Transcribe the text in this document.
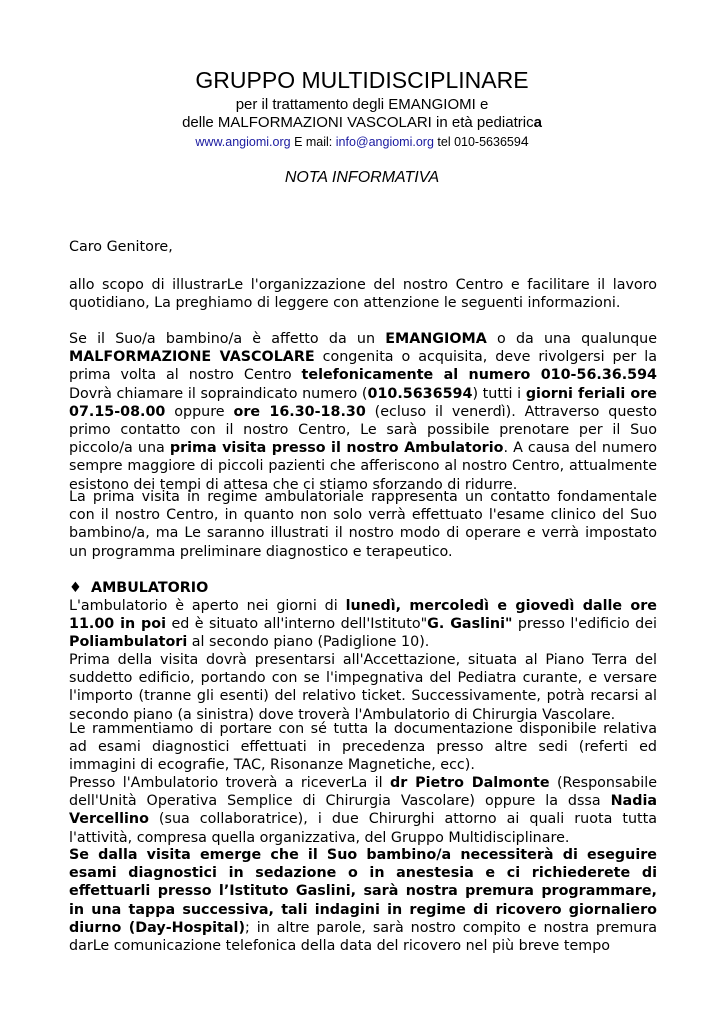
GRUPPO MULTIDISCIPLINARE
per il trattamento degli EMANGIOMI e
delle MALFORMAZIONI VASCOLARI in età pediatrica
www.angiomi.org E mail: info@angiomi.org tel 010-5636594
NOTA INFORMATIVA

Caro Genitore,

allo scopo di illustrarLe l'organizzazione del nostro Centro e facilitare il lavoro quotidiano, La preghiamo di leggere con attenzione le seguenti informazioni.

Se il Suo/a bambino/a è affetto da un EMANGIOMA o da una qualunque MALFORMAZIONE VASCOLARE congenita o acquisita, deve rivolgersi per la prima volta al nostro Centro telefonicamente al numero 010-56.36.594 Dovrà chiamare il sopraindicato numero (010.5636594) tutti i giorni feriali ore 07.15-08.00 oppure ore 16.30-18.30 (ecluso il venerdì). Attraverso questo primo contatto con il nostro Centro, Le sarà possibile prenotare per il Suo piccolo/a una prima visita presso il nostro Ambulatorio. A causa del numero sempre maggiore di piccoli pazienti che afferiscono al nostro Centro, attualmente esistono dei tempi di attesa che ci stiamo sforzando di ridurre.

La prima visita in regime ambulatoriale rappresenta un contatto fondamentale con il nostro Centro, in quanto non solo verrà effettuato l'esame clinico del Suo bambino/a, ma Le saranno illustrati il nostro modo di operare e verrà impostato un programma preliminare diagnostico e terapeutico.

♦ AMBULATORIO

L'ambulatorio è aperto nei giorni di lunedì, mercoledì e giovedì dalle ore 11.00 in poi ed è situato all'interno dell'Istituto"G. Gaslini" presso l'edificio dei Poliambulatori al secondo piano (Padiglione 10).

Prima della visita dovrà presentarsi all'Accettazione, situata al Piano Terra del suddetto edificio, portando con se l'impegnativa del Pediatra curante, e versare l'importo (tranne gli esenti) del relativo ticket. Successivamente, potrà recarsi al secondo piano (a sinistra) dove troverà l'Ambulatorio di Chirurgia Vascolare.

Le rammentiamo di portare con sé tutta la documentazione disponibile relativa ad esami diagnostici effettuati in precedenza presso altre sedi (referti ed immagini di ecografie, TAC, Risonanze Magnetiche, ecc).

Presso l'Ambulatorio troverà a riceverLa il dr Pietro Dalmonte (Responsabile dell'Unità Operativa Semplice di Chirurgia Vascolare) oppure la dssa Nadia Vercellino (sua collaboratrice), i due Chirurghi attorno ai quali ruota tutta l'attività, compresa quella organizzativa, del Gruppo Multidisciplinare.

Se dalla visita emerge che il Suo bambino/a necessiterà di eseguire esami diagnostici in sedazione o in anestesia e ci richiederete di effettuarli presso l’Istituto Gaslini, sarà nostra premura programmare, in una tappa successiva, tali indagini in regime di ricovero giornaliero diurno (Day-Hospital); in altre parole, sarà nostro compito e nostra premura darLe comunicazione telefonica della data del ricovero nel più breve tempo
